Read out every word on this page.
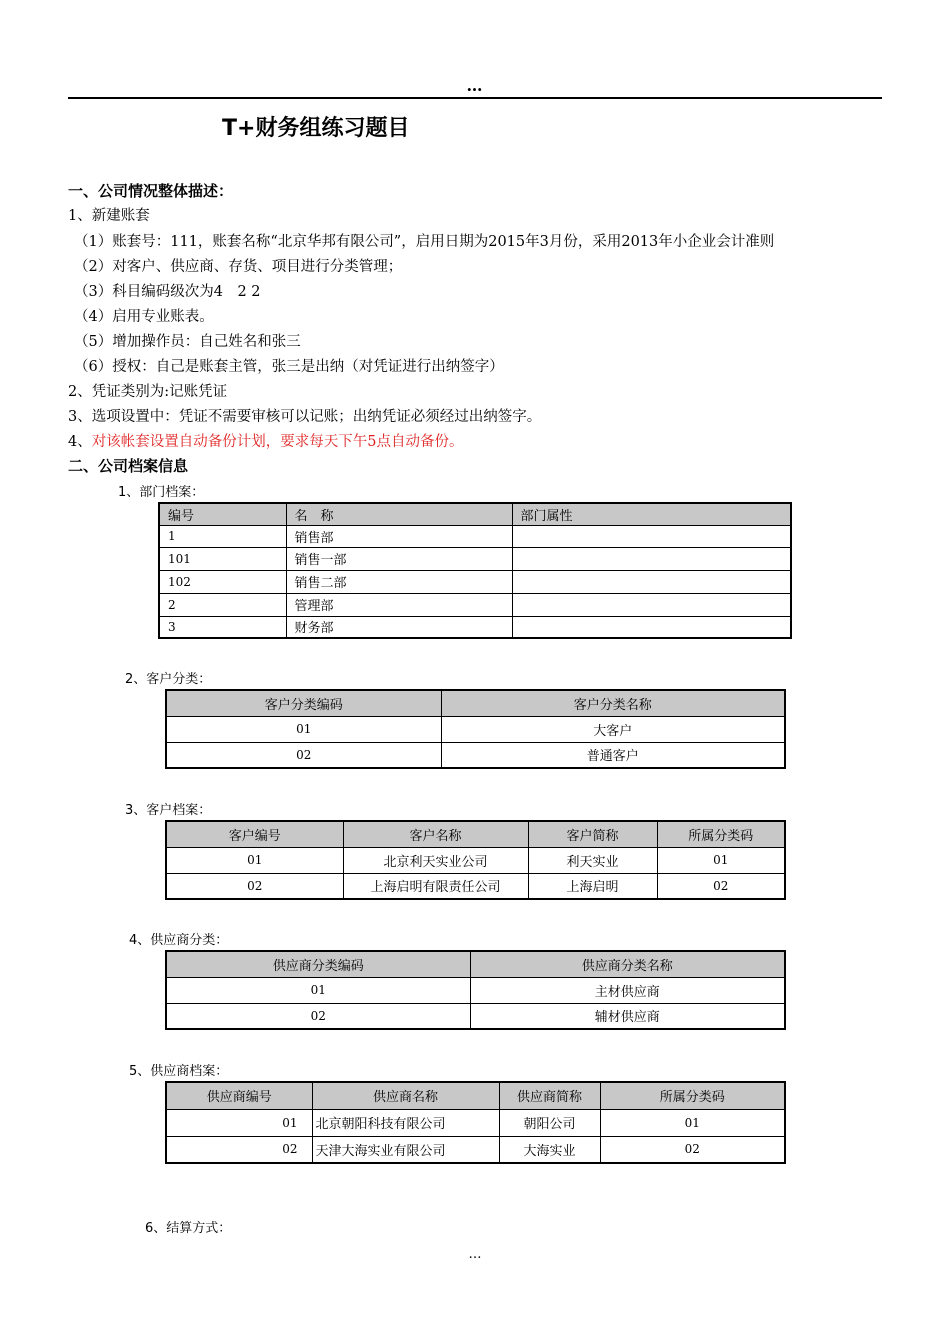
…
T+财务组练习题目
一、公司情况整体描述：
1、新建账套
（1）账套号：111，账套名称“北京华邦有限公司”，启用日期为2015年3月份，采用2013年小企业会计准则
（2）对客户、供应商、存货、项目进行分类管理；
（3）科目编码级次为4　2 2
（4）启用专业账表。
（5）增加操作员：自己姓名和张三
（6）授权：自己是账套主管，张三是出纳（对凭证进行出纳签字）
2、凭证类别为:记账凭证
3、选项设置中：凭证不需要审核可以记账；出纳凭证必须经过出纳签字。
4、对该帐套设置自动备份计划，要求每天下午5点自动备份。
二、公司档案信息
1、部门档案：
编号	名　称	部门属性
1	销售部	
101	销售一部	
102	销售二部	
2	管理部	
3	财务部	
2、客户分类：
客户分类编码	客户分类名称
01	大客户
02	普通客户
3、客户档案：
客户编号	客户名称	客户简称	所属分类码
01	北京利天实业公司	利天实业	01
02	上海启明有限责任公司	上海启明	02
4、供应商分类：
供应商分类编码	供应商分类名称
01	主材供应商
02	辅材供应商
5、供应商档案：
供应商编号	供应商名称	供应商简称	所属分类码
01	北京朝阳科技有限公司	朝阳公司	01
02	天津大海实业有限公司	大海实业	02
6、结算方式：
…
